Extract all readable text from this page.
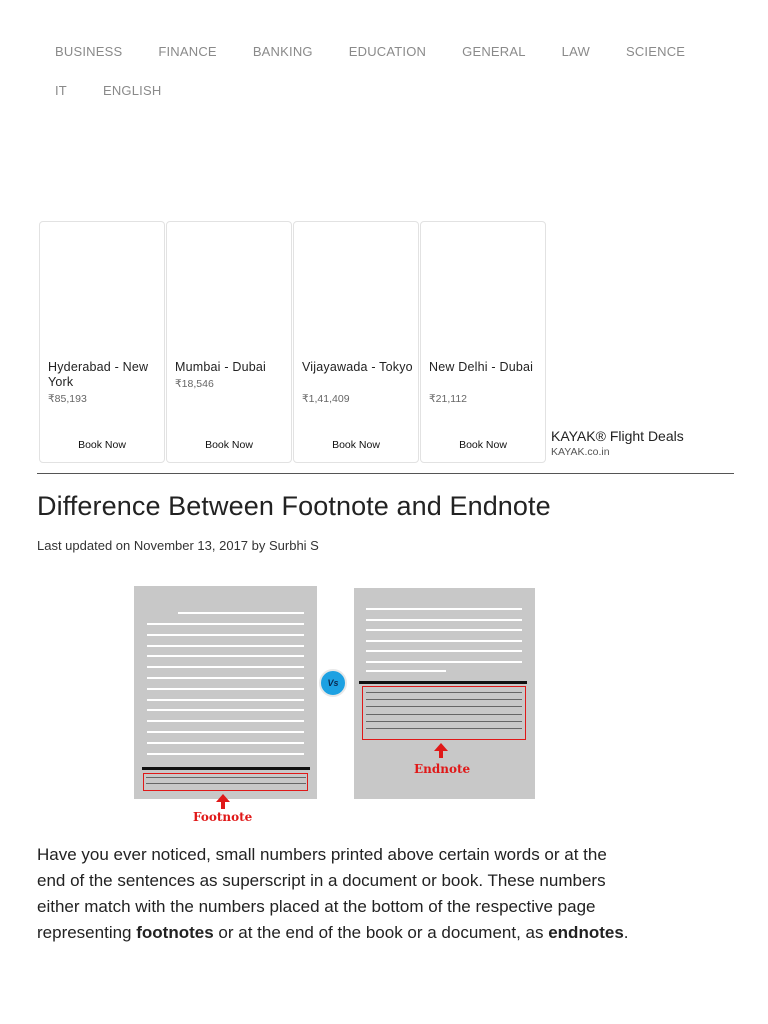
BUSINESS	FINANCE	BANKING	EDUCATION	GENERAL	LAW	SCIENCE
IT	ENGLISH
Hyderabad - New York
₹85,193
Book Now
Mumbai - Dubai
₹18,546
Book Now
Vijayawada - Tokyo
₹1,41,409
Book Now
New Delhi - Dubai
₹21,112
Book Now
KAYAK® Flight Deals
KAYAK.co.in
Difference Between Footnote and Endnote
Last updated on November 13, 2017 by Surbhi S
Vs
Footnote
Endnote

Have you ever noticed, small numbers printed above certain words or at the end of the sentences as superscript in a document or book. These numbers either match with the numbers placed at the bottom of the respective page representing footnotes or at the end of the book or a document, as endnotes.
